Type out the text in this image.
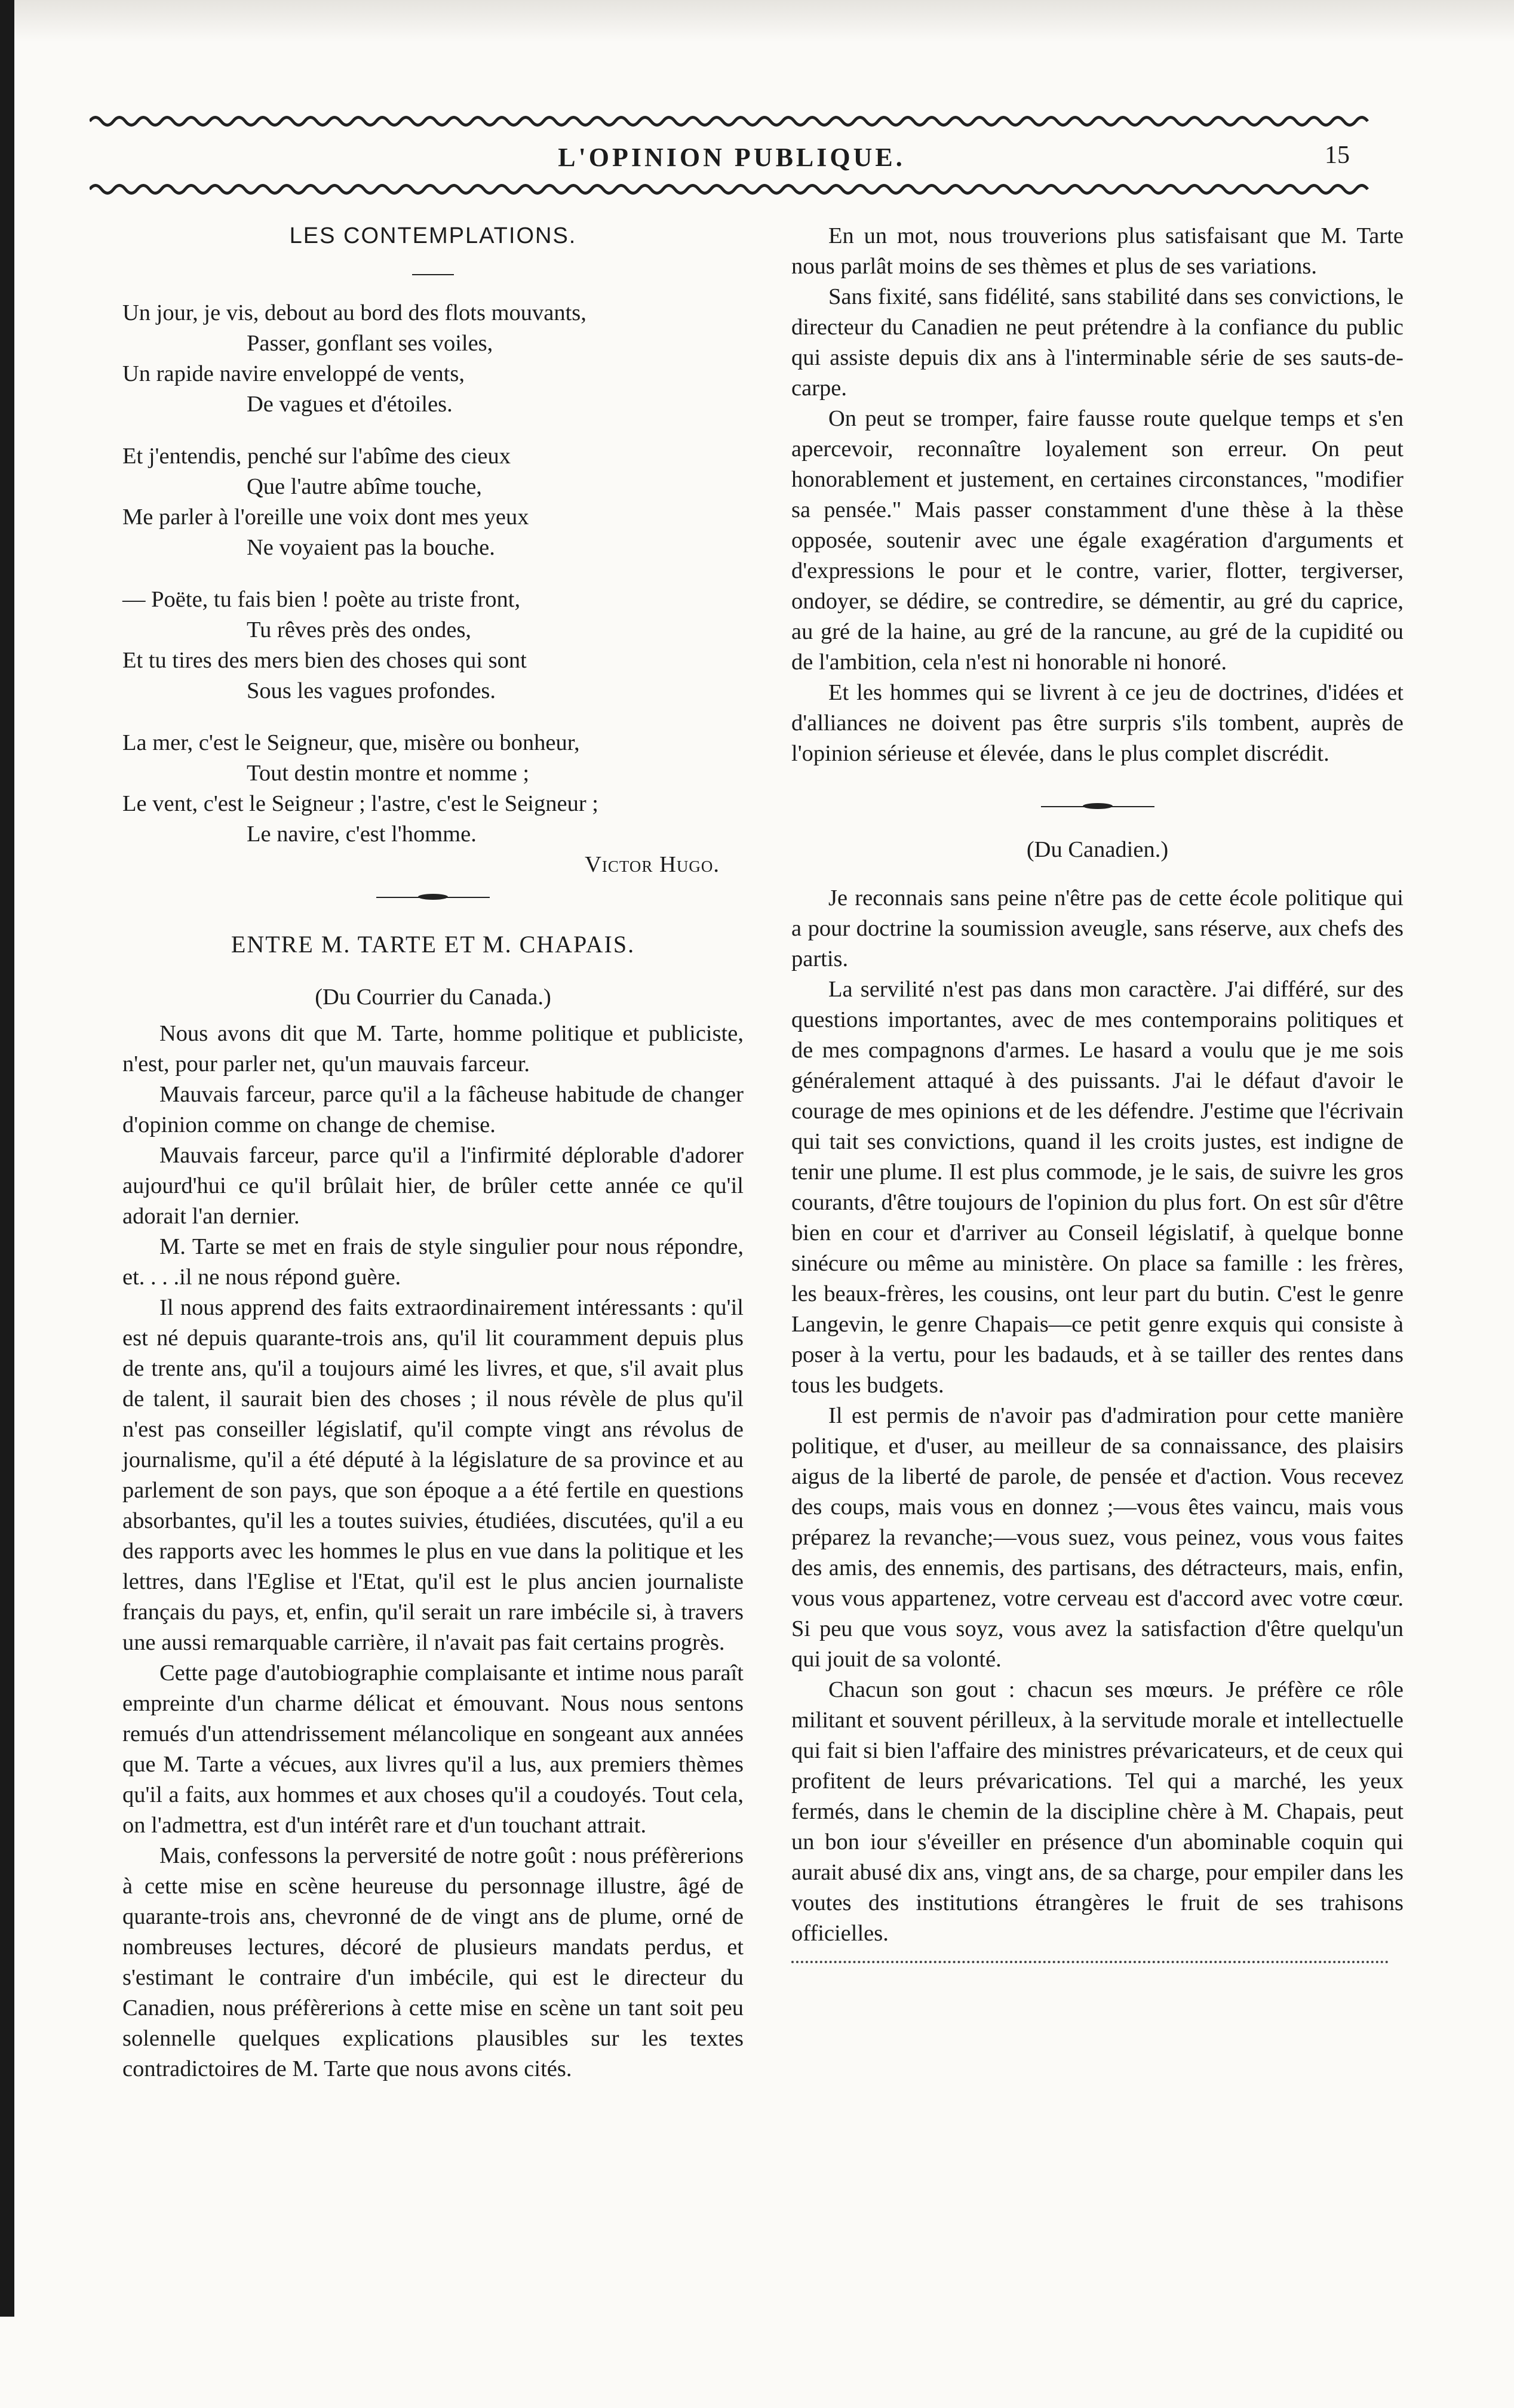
L'OPINION PUBLIQUE.	15
LES CONTEMPLATIONS.
Un jour, je vis, debout au bord des flots mouvants,
Passer, gonflant ses voiles,
Un rapide navire enveloppé de vents,
De vagues et d'étoiles.
Et j'entendis, penché sur l'abîme des cieux
Que l'autre abîme touche,
Me parler à l'oreille une voix dont mes yeux
Ne voyaient pas la bouche.
— Poëte, tu fais bien ! poète au triste front,
Tu rêves près des ondes,
Et tu tires des mers bien des choses qui sont
Sous les vagues profondes.
La mer, c'est le Seigneur, que, misère ou bonheur,
Tout destin montre et nomme ;
Le vent, c'est le Seigneur ; l'astre, c'est le Seigneur ;
Le navire, c'est l'homme.
Victor Hugo.
ENTRE M. TARTE ET M. CHAPAIS.
(Du Courrier du Canada.)

Nous avons dit que M. Tarte, homme politique et publiciste, n'est, pour parler net, qu'un mauvais farceur.

Mauvais farceur, parce qu'il a la fâcheuse habitude de changer d'opinion comme on change de chemise.

Mauvais farceur, parce qu'il a l'infirmité déplorable d'adorer aujourd'hui ce qu'il brûlait hier, de brûler cette année ce qu'il adorait l'an dernier.

M. Tarte se met en frais de style singulier pour nous répondre, et. . . .il ne nous répond guère.

Il nous apprend des faits extraordinairement intéressants : qu'il est né depuis quarante-trois ans, qu'il lit couramment depuis plus de trente ans, qu'il a toujours aimé les livres, et que, s'il avait plus de talent, il saurait bien des choses ; il nous révèle de plus qu'il n'est pas conseiller législatif, qu'il compte vingt ans révolus de journalisme, qu'il a été député à la législature de sa province et au parlement de son pays, que son époque a a été fertile en questions absorbantes, qu'il les a toutes suivies, étudiées, discutées, qu'il a eu des rapports avec les hommes le plus en vue dans la politique et les lettres, dans l'Eglise et l'Etat, qu'il est le plus ancien journaliste français du pays, et, enfin, qu'il serait un rare imbécile si, à travers une aussi remarquable carrière, il n'avait pas fait certains progrès.

Cette page d'autobiographie complaisante et intime nous paraît empreinte d'un charme délicat et émouvant. Nous nous sentons remués d'un attendrissement mélancolique en songeant aux années que M. Tarte a vécues, aux livres qu'il a lus, aux premiers thèmes qu'il a faits, aux hommes et aux choses qu'il a coudoyés. Tout cela, on l'admettra, est d'un intérêt rare et d'un touchant attrait.

Mais, confessons la perversité de notre goût : nous préfèrerions à cette mise en scène heureuse du personnage illustre, âgé de quarante-trois ans, chevronné de de vingt ans de plume, orné de nombreuses lectures, décoré de plusieurs mandats perdus, et s'estimant le contraire d'un imbécile, qui est le directeur du Canadien, nous préfèrerions à cette mise en scène un tant soit peu solennelle quelques explications plausibles sur les textes contradictoires de M. Tarte que nous avons cités.

En un mot, nous trouverions plus satisfaisant que M. Tarte nous parlât moins de ses thèmes et plus de ses variations.

Sans fixité, sans fidélité, sans stabilité dans ses convictions, le directeur du Canadien ne peut prétendre à la confiance du public qui assiste depuis dix ans à l'interminable série de ses sauts-de-carpe.

On peut se tromper, faire fausse route quelque temps et s'en apercevoir, reconnaître loyalement son erreur. On peut honorablement et justement, en certaines circonstances, "modifier sa pensée." Mais passer constamment d'une thèse à la thèse opposée, soutenir avec une égale exagération d'arguments et d'expressions le pour et le contre, varier, flotter, tergiverser, ondoyer, se dédire, se contredire, se démentir, au gré du caprice, au gré de la haine, au gré de la rancune, au gré de la cupidité ou de l'ambition, cela n'est ni honorable ni honoré.

Et les hommes qui se livrent à ce jeu de doctrines, d'idées et d'alliances ne doivent pas être surpris s'ils tombent, auprès de l'opinion sérieuse et élevée, dans le plus complet discrédit.

(Du Canadien.)

Je reconnais sans peine n'être pas de cette école politique qui a pour doctrine la soumission aveugle, sans réserve, aux chefs des partis.

La servilité n'est pas dans mon caractère. J'ai différé, sur des questions importantes, avec de mes contemporains politiques et de mes compagnons d'armes. Le hasard a voulu que je me sois généralement attaqué à des puissants. J'ai le défaut d'avoir le courage de mes opinions et de les défendre. J'estime que l'écrivain qui tait ses convictions, quand il les croits justes, est indigne de tenir une plume. Il est plus commode, je le sais, de suivre les gros courants, d'être toujours de l'opinion du plus fort. On est sûr d'être bien en cour et d'arriver au Conseil législatif, à quelque bonne sinécure ou même au ministère. On place sa famille : les frères, les beaux-frères, les cousins, ont leur part du butin. C'est le genre Langevin, le genre Chapais—ce petit genre exquis qui consiste à poser à la vertu, pour les badauds, et à se tailler des rentes dans tous les budgets.

Il est permis de n'avoir pas d'admiration pour cette manière politique, et d'user, au meilleur de sa connaissance, des plaisirs aigus de la liberté de parole, de pensée et d'action. Vous recevez des coups, mais vous en donnez ;—vous êtes vaincu, mais vous préparez la revanche;—vous suez, vous peinez, vous vous faites des amis, des ennemis, des partisans, des détracteurs, mais, enfin, vous vous appartenez, votre cerveau est d'accord avec votre cœur. Si peu que vous soyz, vous avez la satisfaction d'être quelqu'un qui jouit de sa volonté.

Chacun son gout : chacun ses mœurs. Je préfère ce rôle militant et souvent périlleux, à la servitude morale et intellectuelle qui fait si bien l'affaire des ministres prévaricateurs, et de ceux qui profitent de leurs prévarications. Tel qui a marché, les yeux fermés, dans le chemin de la discipline chère à M. Chapais, peut un bon iour s'éveiller en présence d'un abominable coquin qui aurait abusé dix ans, vingt ans, de sa charge, pour empiler dans les voutes des institutions étrangères le fruit de ses trahisons officielles.
